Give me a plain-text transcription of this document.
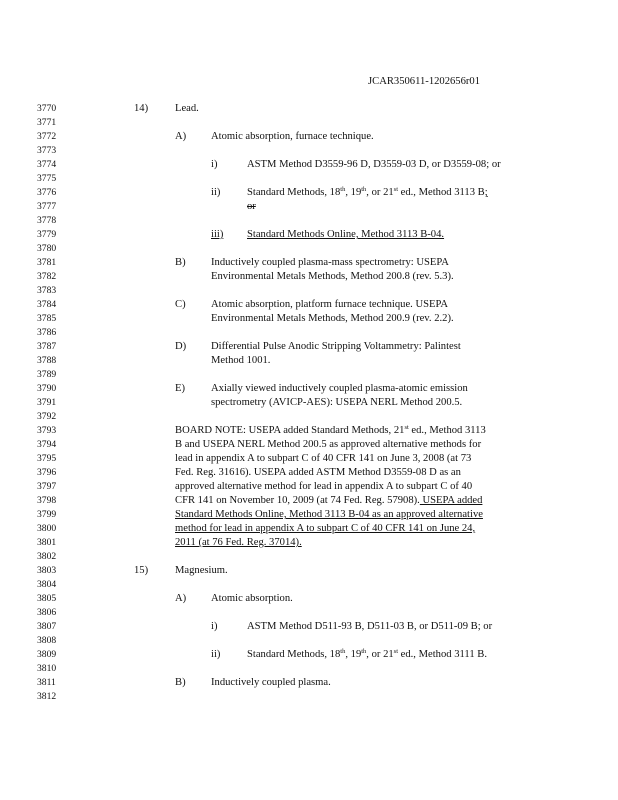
JCAR350611-1202656r01
3770
3771
3772
3773
3774
3775
3776
3777
3778
3779
3780
3781
3782
3783
3784
3785
3786
3787
3788
3789
3790
3791
3792
3793
3794
3795
3796
3797
3798
3799
3800
3801
3802
3803
3804
3805
3806
3807
3808
3809
3810
3811
3812
14)	Lead.
A) Atomic absorption, furnace technique.
i)	ASTM Method D3559-96 D, D3559-03 D, or D3559-08; or
ii)	Standard Methods, 18th, 19th, or 21st ed., Method 3113 B;
or
iii) Standard Methods Online, Method 3113 B-04.
B) Inductively coupled plasma-mass spectrometry: USEPA
Environmental Metals Methods, Method 200.8 (rev. 5.3).
C) Atomic absorption, platform furnace technique. USEPA
Environmental Metals Methods, Method 200.9 (rev. 2.2).
D) Differential Pulse Anodic Stripping Voltammetry: Palintest
Method 1001.
E) Axially viewed inductively coupled plasma-atomic emission
spectrometry (AVICP-AES): USEPA NERL Method 200.5.
BOARD NOTE: USEPA added Standard Methods, 21st ed., Method 3113
B and USEPA NERL Method 200.5 as approved alternative methods for
lead in appendix A to subpart C of 40 CFR 141 on June 3, 2008 (at 73
Fed. Reg. 31616). USEPA added ASTM Method D3559-08 D as an
approved alternative method for lead in appendix A to subpart C of 40
CFR 141 on November 10, 2009 (at 74 Fed. Reg. 57908). USEPA added
Standard Methods Online, Method 3113 B-04 as an approved alternative
method for lead in appendix A to subpart C of 40 CFR 141 on June 24,
2011 (at 76 Fed. Reg. 37014).
15)	Magnesium.
A) Atomic absorption.
i)	ASTM Method D511-93 B, D511-03 B, or D511-09 B; or
ii)	Standard Methods, 18th, 19th, or 21st ed., Method 3111 B.
B) Inductively coupled plasma.
